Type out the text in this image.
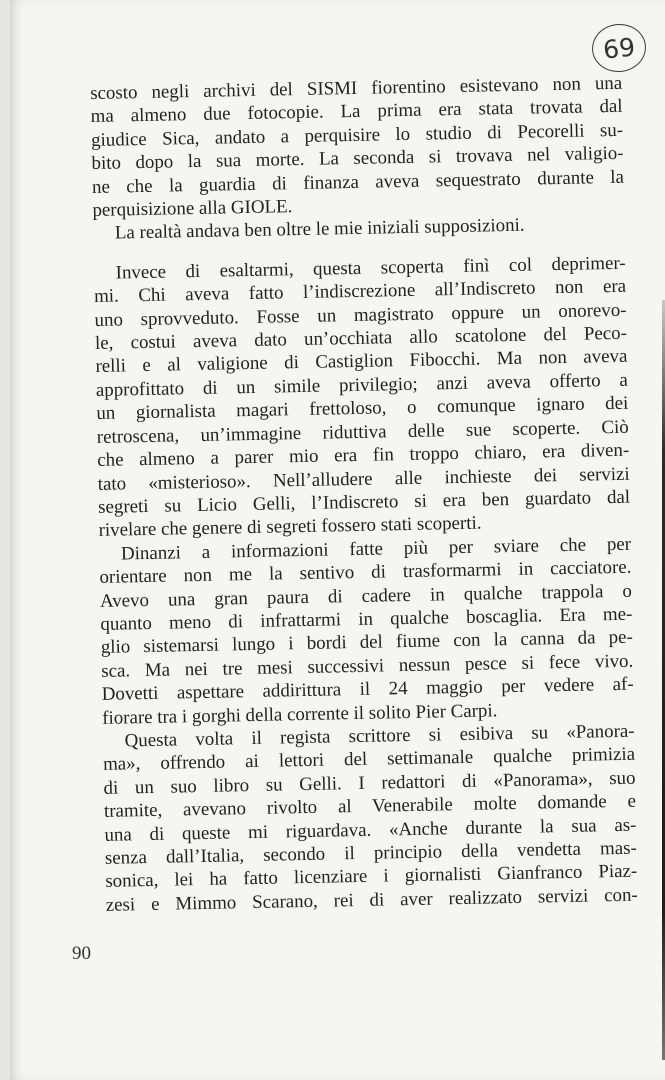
69

scosto negli archivi del SISMI fiorentino esistevano non una

ma almeno due fotocopie. La prima era stata trovata dal

giudice Sica, andato a perquisire lo studio di Pecorelli su-

bito dopo la sua morte. La seconda si trovava nel valigio-

ne che la guardia di finanza aveva sequestrato durante la

perquisizione alla GIOLE.

La realtà andava ben oltre le mie iniziali supposizioni.

Invece di esaltarmi, questa scoperta finì col deprimer-

mi. Chi aveva fatto l’indiscrezione all’Indiscreto non era

uno sprovveduto. Fosse un magistrato oppure un onorevo-

le, costui aveva dato un’occhiata allo scatolone del Peco-

relli e al valigione di Castiglion Fibocchi. Ma non aveva

approfittato di un simile privilegio; anzi aveva offerto a

un giornalista magari frettoloso, o comunque ignaro dei

retroscena, un’immagine riduttiva delle sue scoperte. Ciò

che almeno a parer mio era fin troppo chiaro, era diven-

tato «misterioso». Nell’alludere alle inchieste dei servizi

segreti su Licio Gelli, l’Indiscreto si era ben guardato dal

rivelare che genere di segreti fossero stati scoperti.

Dinanzi a informazioni fatte più per sviare che per

orientare non me la sentivo di trasformarmi in cacciatore.

Avevo una gran paura di cadere in qualche trappola o

quanto meno di infrattarmi in qualche boscaglia. Era me-

glio sistemarsi lungo i bordi del fiume con la canna da pe-

sca. Ma nei tre mesi successivi nessun pesce si fece vivo.

Dovetti aspettare addirittura il 24 maggio per vedere af-

fiorare tra i gorghi della corrente il solito Pier Carpi.

Questa volta il regista scrittore si esibiva su «Panora-

ma», offrendo ai lettori del settimanale qualche primizia

di un suo libro su Gelli. I redattori di «Panorama», suo

tramite, avevano rivolto al Venerabile molte domande e

una di queste mi riguardava. «Anche durante la sua as-

senza dall’Italia, secondo il principio della vendetta mas-

sonica, lei ha fatto licenziare i giornalisti Gianfranco Piaz-

zesi e Mimmo Scarano, rei di aver realizzato servizi con-

90
